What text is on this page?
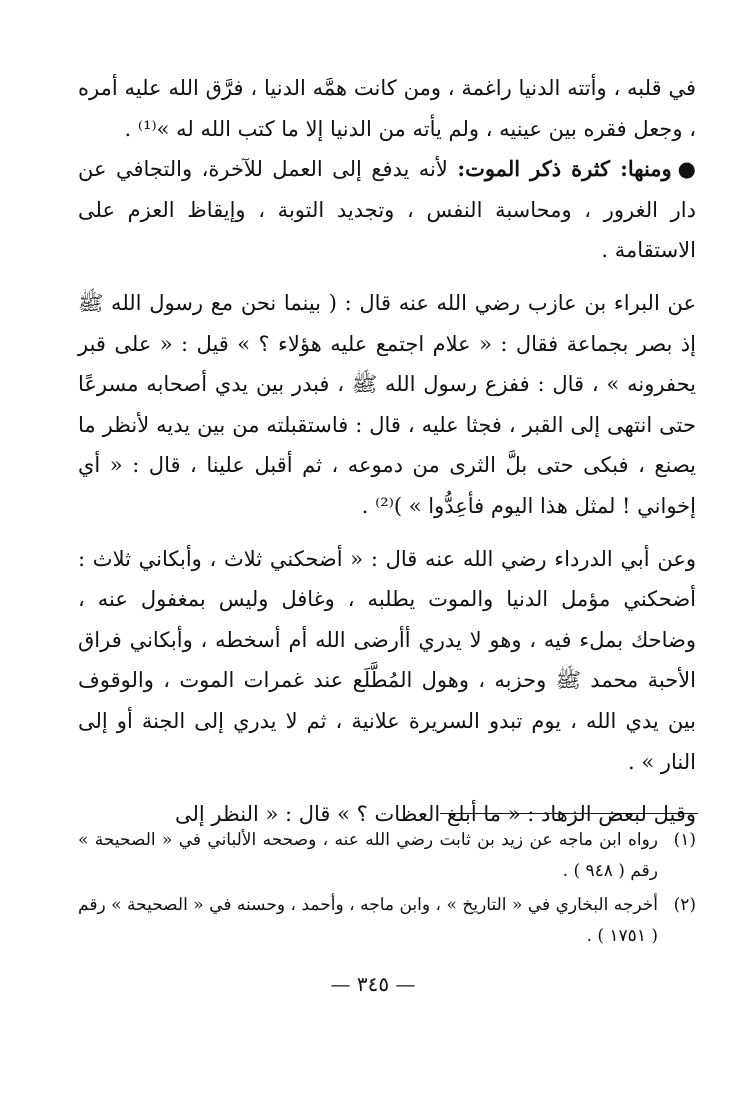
في قلبه ، وأتته الدنيا راغمة ، ومن كانت همَّه الدنيا ، فرَّق الله عليه أمره ، وجعل فقره بين عينيه ، ولم يأته من الدنيا إلا ما كتب الله له »⁽¹⁾ .

●ومنها: كثرة ذكر الموت: لأنه يدفع إلى العمل للآخرة، والتجافي عن دار الغرور ، ومحاسبة النفس ، وتجديد التوبة ، وإيقاظ العزم على الاستقامة .

عن البراء بن عازب رضي الله عنه قال : ( بينما نحن مع رسول الله ﷺ إذ بصر بجماعة فقال : « علام اجتمع عليه هؤلاء ؟ » قيل : « على قبر يحفرونه » ، قال : ففزع رسول الله ﷺ ، فبدر بين يدي أصحابه مسرعًا حتى انتهى إلى القبر ، فجثا عليه ، قال : فاستقبلته من بين يديه لأنظر ما يصنع ، فبكى حتى بلَّ الثرى من دموعه ، ثم أقبل علينا ، قال : « أي إخواني ! لمثل هذا اليوم فأعِدُّوا » )⁽²⁾ .

وعن أبي الدرداء رضي الله عنه قال : « أضحكني ثلاث ، وأبكاني ثلاث : أضحكني مؤمل الدنيا والموت يطلبه ، وغافل وليس بمغفول عنه ، وضاحك بملء فيه ، وهو لا يدري أأرضى الله أم أسخطه ، وأبكاني فراق الأحبة محمد ﷺ وحزبه ، وهول المُطَّلَع عند غمرات الموت ، والوقوف بين يدي الله ، يوم تبدو السريرة علانية ، ثم لا يدري إلى الجنة أو إلى النار » .

وقيل لبعض الزهاد : « ما أبلغ العظات ؟ » قال : « النظر إلى

(١)
رواه ابن ماجه عن زيد بن ثابت رضي الله عنه ، وصححه الألباني في « الصحيحة » رقم ( ٩٤٨ ) .
(٢)
أخرجه البخاري في « التاريخ » ، وابن ماجه ، وأحمد ، وحسنه في « الصحيحة » رقم ( ١٧٥١ ) .
— ٣٤٥ —
